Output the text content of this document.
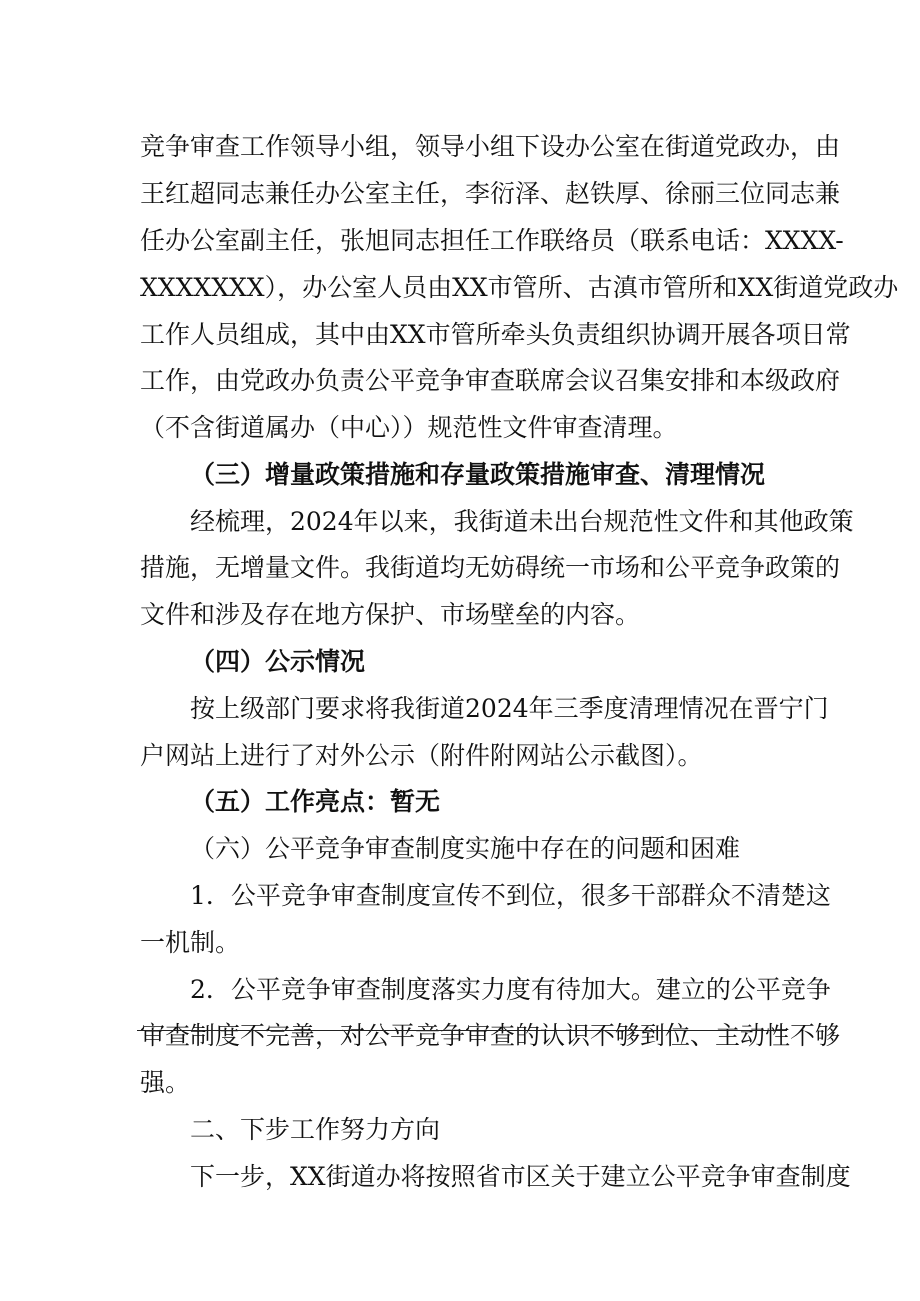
竞争审查工作领导小组，领导小组下设办公室在街道党政办，由
王红超同志兼任办公室主任，李衍泽、赵铁厚、徐丽三位同志兼
任办公室副主任，张旭同志担任工作联络员（联系电话：XXXX-
XXXXXXX），办公室人员由XX市管所、古滇市管所和XX街道党政办
工作人员组成，其中由XX市管所牵头负责组织协调开展各项日常
工作，由党政办负责公平竞争审查联席会议召集安排和本级政府
（不含街道属办（中心））规范性文件审查清理。
（三）增量政策措施和存量政策措施审查、清理情况
经梳理，2024年以来，我街道未出台规范性文件和其他政策
措施，无增量文件。我街道均无妨碍统一市场和公平竞争政策的
文件和涉及存在地方保护、市场壁垒的内容。
（四）公示情况
按上级部门要求将我街道2024年三季度清理情况在晋宁门
户网站上进行了对外公示（附件附网站公示截图）。
（五）工作亮点：暂无
（六）公平竞争审查制度实施中存在的问题和困难
1．公平竞争审查制度宣传不到位，很多干部群众不清楚这
一机制。
2．公平竞争审查制度落实力度有待加大。建立的公平竞争
审查制度不完善，对公平竞争审查的认识不够到位、主动性不够
强。
二、下步工作努力方向
下一步，XX街道办将按照省市区关于建立公平竞争审查制度
